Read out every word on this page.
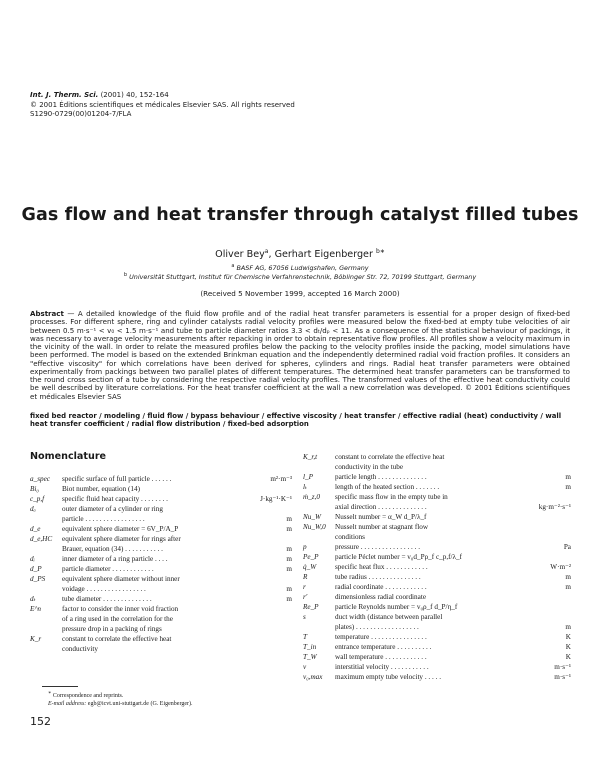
Int. J. Therm. Sci. (2001) 40, 152-164
© 2001 Éditions scientifiques et médicales Elsevier SAS. All rights reserved
S1290-0729(00)01204-7/FLA
Gas flow and heat transfer through catalyst filled tubes
Oliver Bey$^a$, Gerhart Eigenberger $^{b∗}$
$^a$ BASF AG, 67056 Ludwigshafen, Germany
$^b$ Universität Stuttgart, Institut für Chemische Verfahrenstechnik, Böblinger Str. 72, 70199 Stuttgart, Germany
(Received 5 November 1999, accepted 16 March 2000)
Abstract — A detailed knowledge of the fluid flow profile and of the radial heat transfer parameters is essential for a proper design of fixed-bed processes. For different sphere, ring and cylinder catalysts radial velocity profiles were measured below the fixed-bed at empty tube velocities of air between 0.5 m·s⁻¹ < v₀ < 1.5 m·s⁻¹ and tube to particle diameter ratios 3.3 < dₜ/dₚ < 11. As a consequence of the statistical behaviour of packings, it was necessary to average velocity measurements after repacking in order to obtain representative flow profiles. All profiles show a velocity maximum in the vicinity of the wall. In order to relate the measured profiles below the packing to the velocity profiles inside the packing, model simulations have been performed. The model is based on the extended Brinkman equation and the independently determined radial void fraction profiles. It considers an "effective viscosity" for which correlations have been derived for spheres, cylinders and rings. Radial heat transfer parameters were obtained experimentally from packings between two parallel plates of different temperatures. The determined heat transfer parameters can be transformed to the round cross section of a tube by considering the respective radial velocity profiles. The transformed values of the effective heat conductivity could be well described by literature correlations. For the heat transfer coefficient at the wall a new correlation was developed. © 2001 Éditions scientifiques et médicales Elsevier SAS
fixed bed reactor / modeling / fluid flow / bypass behaviour / effective viscosity / heat transfer / effective radial (heat) conductivity / wall heat transfer coefficient / radial flow distribution / fixed-bed adsorption
Nomenclature
a_spec	specific surface of full particle . . . . . .	m²·m⁻³
Bi₀	Biot number, equation (14)
c_p,f	specific fluid heat capacity . . . . . . . .	J·kg⁻¹·K⁻¹
dₐ	outer diameter of a cylinder or ring
particle . . . . . . . . . . . . . . . . .	m
d_e	equivalent sphere diameter = 6V_P/A_P	m
d_e,HC	equivalent sphere diameter for rings after
Brauer, equation (34) . . . . . . . . . . .	m
dᵢ	inner diameter of a ring particle . . . .	m
d_P	particle diameter . . . . . . . . . . . .	m
d_PS	equivalent sphere diameter without inner
voidage . . . . . . . . . . . . . . . . .	m
dₜ	tube diameter . . . . . . . . . . . . . .	m
E^n	factor to consider the inner void fraction
of a ring used in the correlation for the
pressure drop in a packing of rings
K_r	constant to correlate the effective heat
conductivity
K_r,t	constant to correlate the effective heat
conductivity in the tube
l_P	particle length . . . . . . . . . . . . . .	m
lₜ	length of the heated section . . . . . . .	m
ṁ_z,0	specific mass flow in the empty tube in
axial direction . . . . . . . . . . . . . .	kg·m⁻²·s⁻¹
Nu_W	Nusselt number = α_W d_P/λ_f
Nu_W,0	Nusselt number at stagnant flow
conditions
p	pressure . . . . . . . . . . . . . . . . .	Pa
Pe_P	particle Péclet number = v₀d_Pρ_f c_p,f/λ_f
q̇_W	specific heat flux . . . . . . . . . . . .	W·m⁻²
R	tube radius . . . . . . . . . . . . . . .	m
r	radial coordinate . . . . . . . . . . . .	m
r′	dimensionless radial coordinate
Re_P	particle Reynolds number = v₀ρ_f d_P/η_f
s	duct width (distance between parallel
plates) . . . . . . . . . . . . . . . . . .	m
T	temperature . . . . . . . . . . . . . . . .	K
T_in	entrance temperature . . . . . . . . . .	K
T_W	wall temperature . . . . . . . . . . . .	K
v	interstitial velocity . . . . . . . . . . .	m·s⁻¹
v₀,max	maximum empty tube velocity . . . . .	m·s⁻¹
∗ Correspondence and reprints.
E-mail address: egb@icvt.uni-stuttgart.de (G. Eigenberger).
152
